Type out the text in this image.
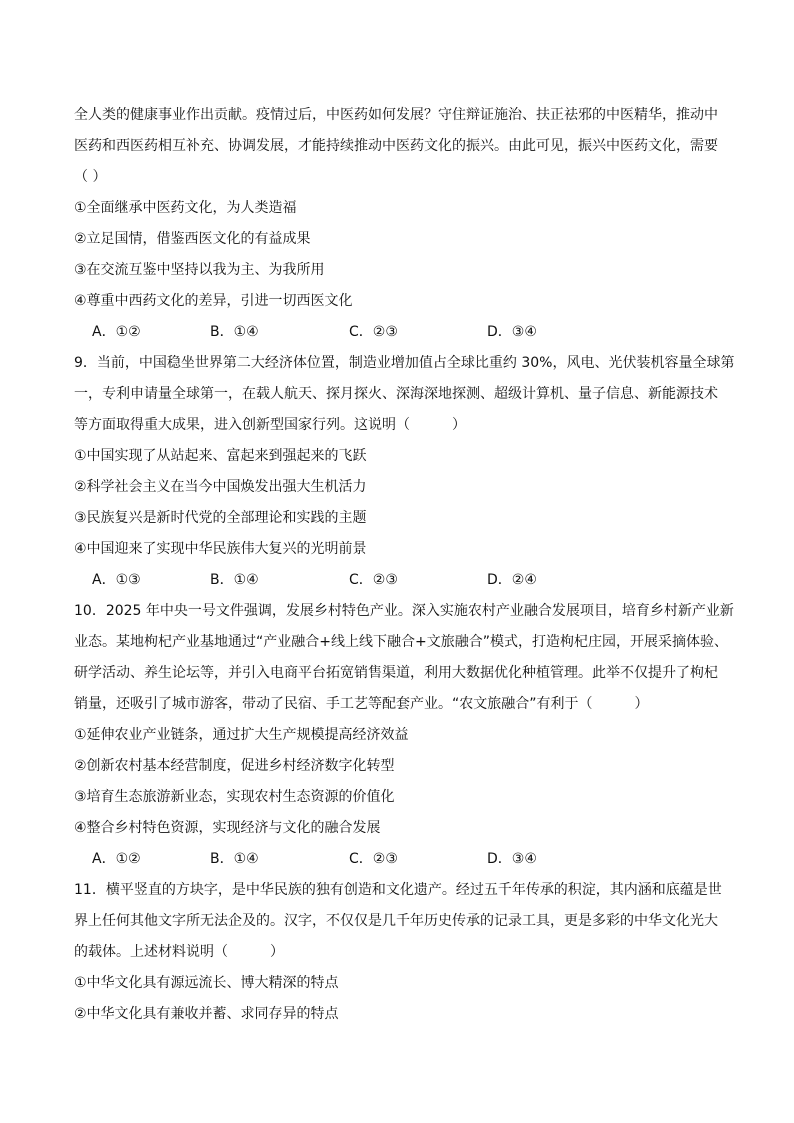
全人类的健康事业作出贡献。疫情过后，中医药如何发展？守住辩证施治、扶正祛邪的中医精华，推动中
医药和西医药相互补充、协调发展，才能持续推动中医药文化的振兴。由此可见，振兴中医药文化，需要
（ ）
①全面继承中医药文化，为人类造福
②立足国情，借鉴西医文化的有益成果
③在交流互鉴中坚持以我为主、为我所用
④尊重中西药文化的差异，引进一切西医文化
A．①②	B．①④	C．②③	D．③④
9．当前，中国稳坐世界第二大经济体位置，制造业增加值占全球比重约 30%，风电、光伏装机容量全球第
一，专利申请量全球第一，在载人航天、探月探火、深海深地探测、超级计算机、量子信息、新能源技术
等方面取得重大成果，进入创新型国家行列。这说明（　　　）
①中国实现了从站起来、富起来到强起来的飞跃
②科学社会主义在当今中国焕发出强大生机活力
③民族复兴是新时代党的全部理论和实践的主题
④中国迎来了实现中华民族伟大复兴的光明前景
A．①③	B．①④	C．②③	D．②④
10．2025 年中央一号文件强调，发展乡村特色产业。深入实施农村产业融合发展项目，培育乡村新产业新
业态。某地枸杞产业基地通过“产业融合+线上线下融合+文旅融合”模式，打造枸杞庄园，开展采摘体验、
研学活动、养生论坛等，并引入电商平台拓宽销售渠道，利用大数据优化种植管理。此举不仅提升了枸杞
销量，还吸引了城市游客，带动了民宿、手工艺等配套产业。“农文旅融合”有利于（　　　）
①延伸农业产业链条，通过扩大生产规模提高经济效益
②创新农村基本经营制度，促进乡村经济数字化转型
③培育生态旅游新业态，实现农村生态资源的价值化
④整合乡村特色资源，实现经济与文化的融合发展
A．①②	B．①④	C．②③	D．③④
11．横平竖直的方块字，是中华民族的独有创造和文化遗产。经过五千年传承的积淀，其内涵和底蕴是世
界上任何其他文字所无法企及的。汉字，不仅仅是几千年历史传承的记录工具，更是多彩的中华文化光大
的载体。上述材料说明（　　　）
①中华文化具有源远流长、博大精深的特点
②中华文化具有兼收并蓄、求同存异的特点
